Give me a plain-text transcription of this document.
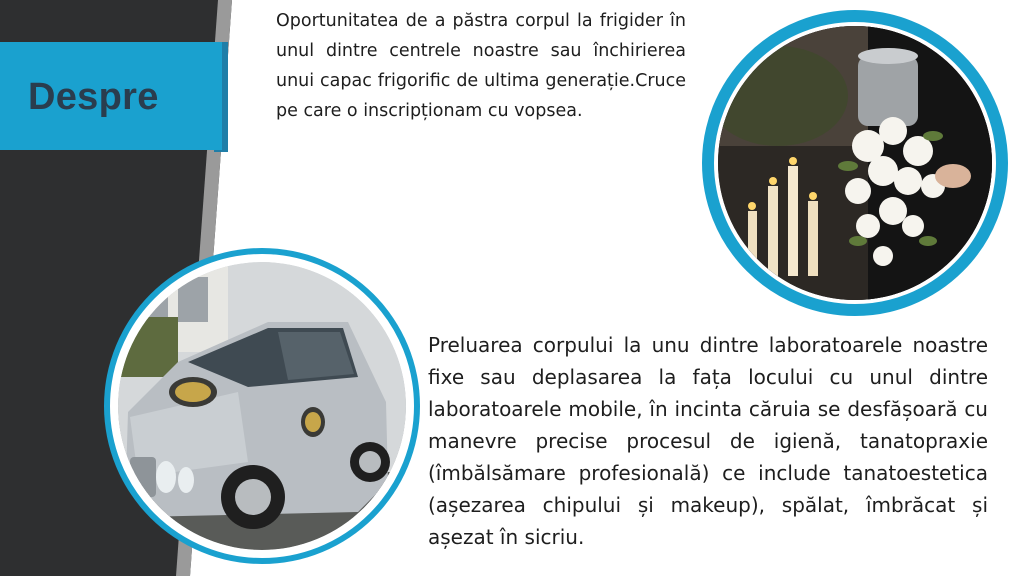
Despre

Oportunitatea de a păstra corpul la frigider în unul dintre centrele noastre sau închirierea unui capac frigorific de ultima generație.Cruce pe care o inscripționam cu vopsea.

Preluarea corpului la unu dintre laboratoarele noastre fixe sau deplasarea la fața locului cu unul dintre laboratoarele mobile, în incinta căruia se desfășoară cu manevre precise procesul de igienă, tanatopraxie (îmbălsămare profesională) ce include tanatoestetica (așezarea chipului și makeup), spălat, îmbrăcat și așezat în sicriu.
